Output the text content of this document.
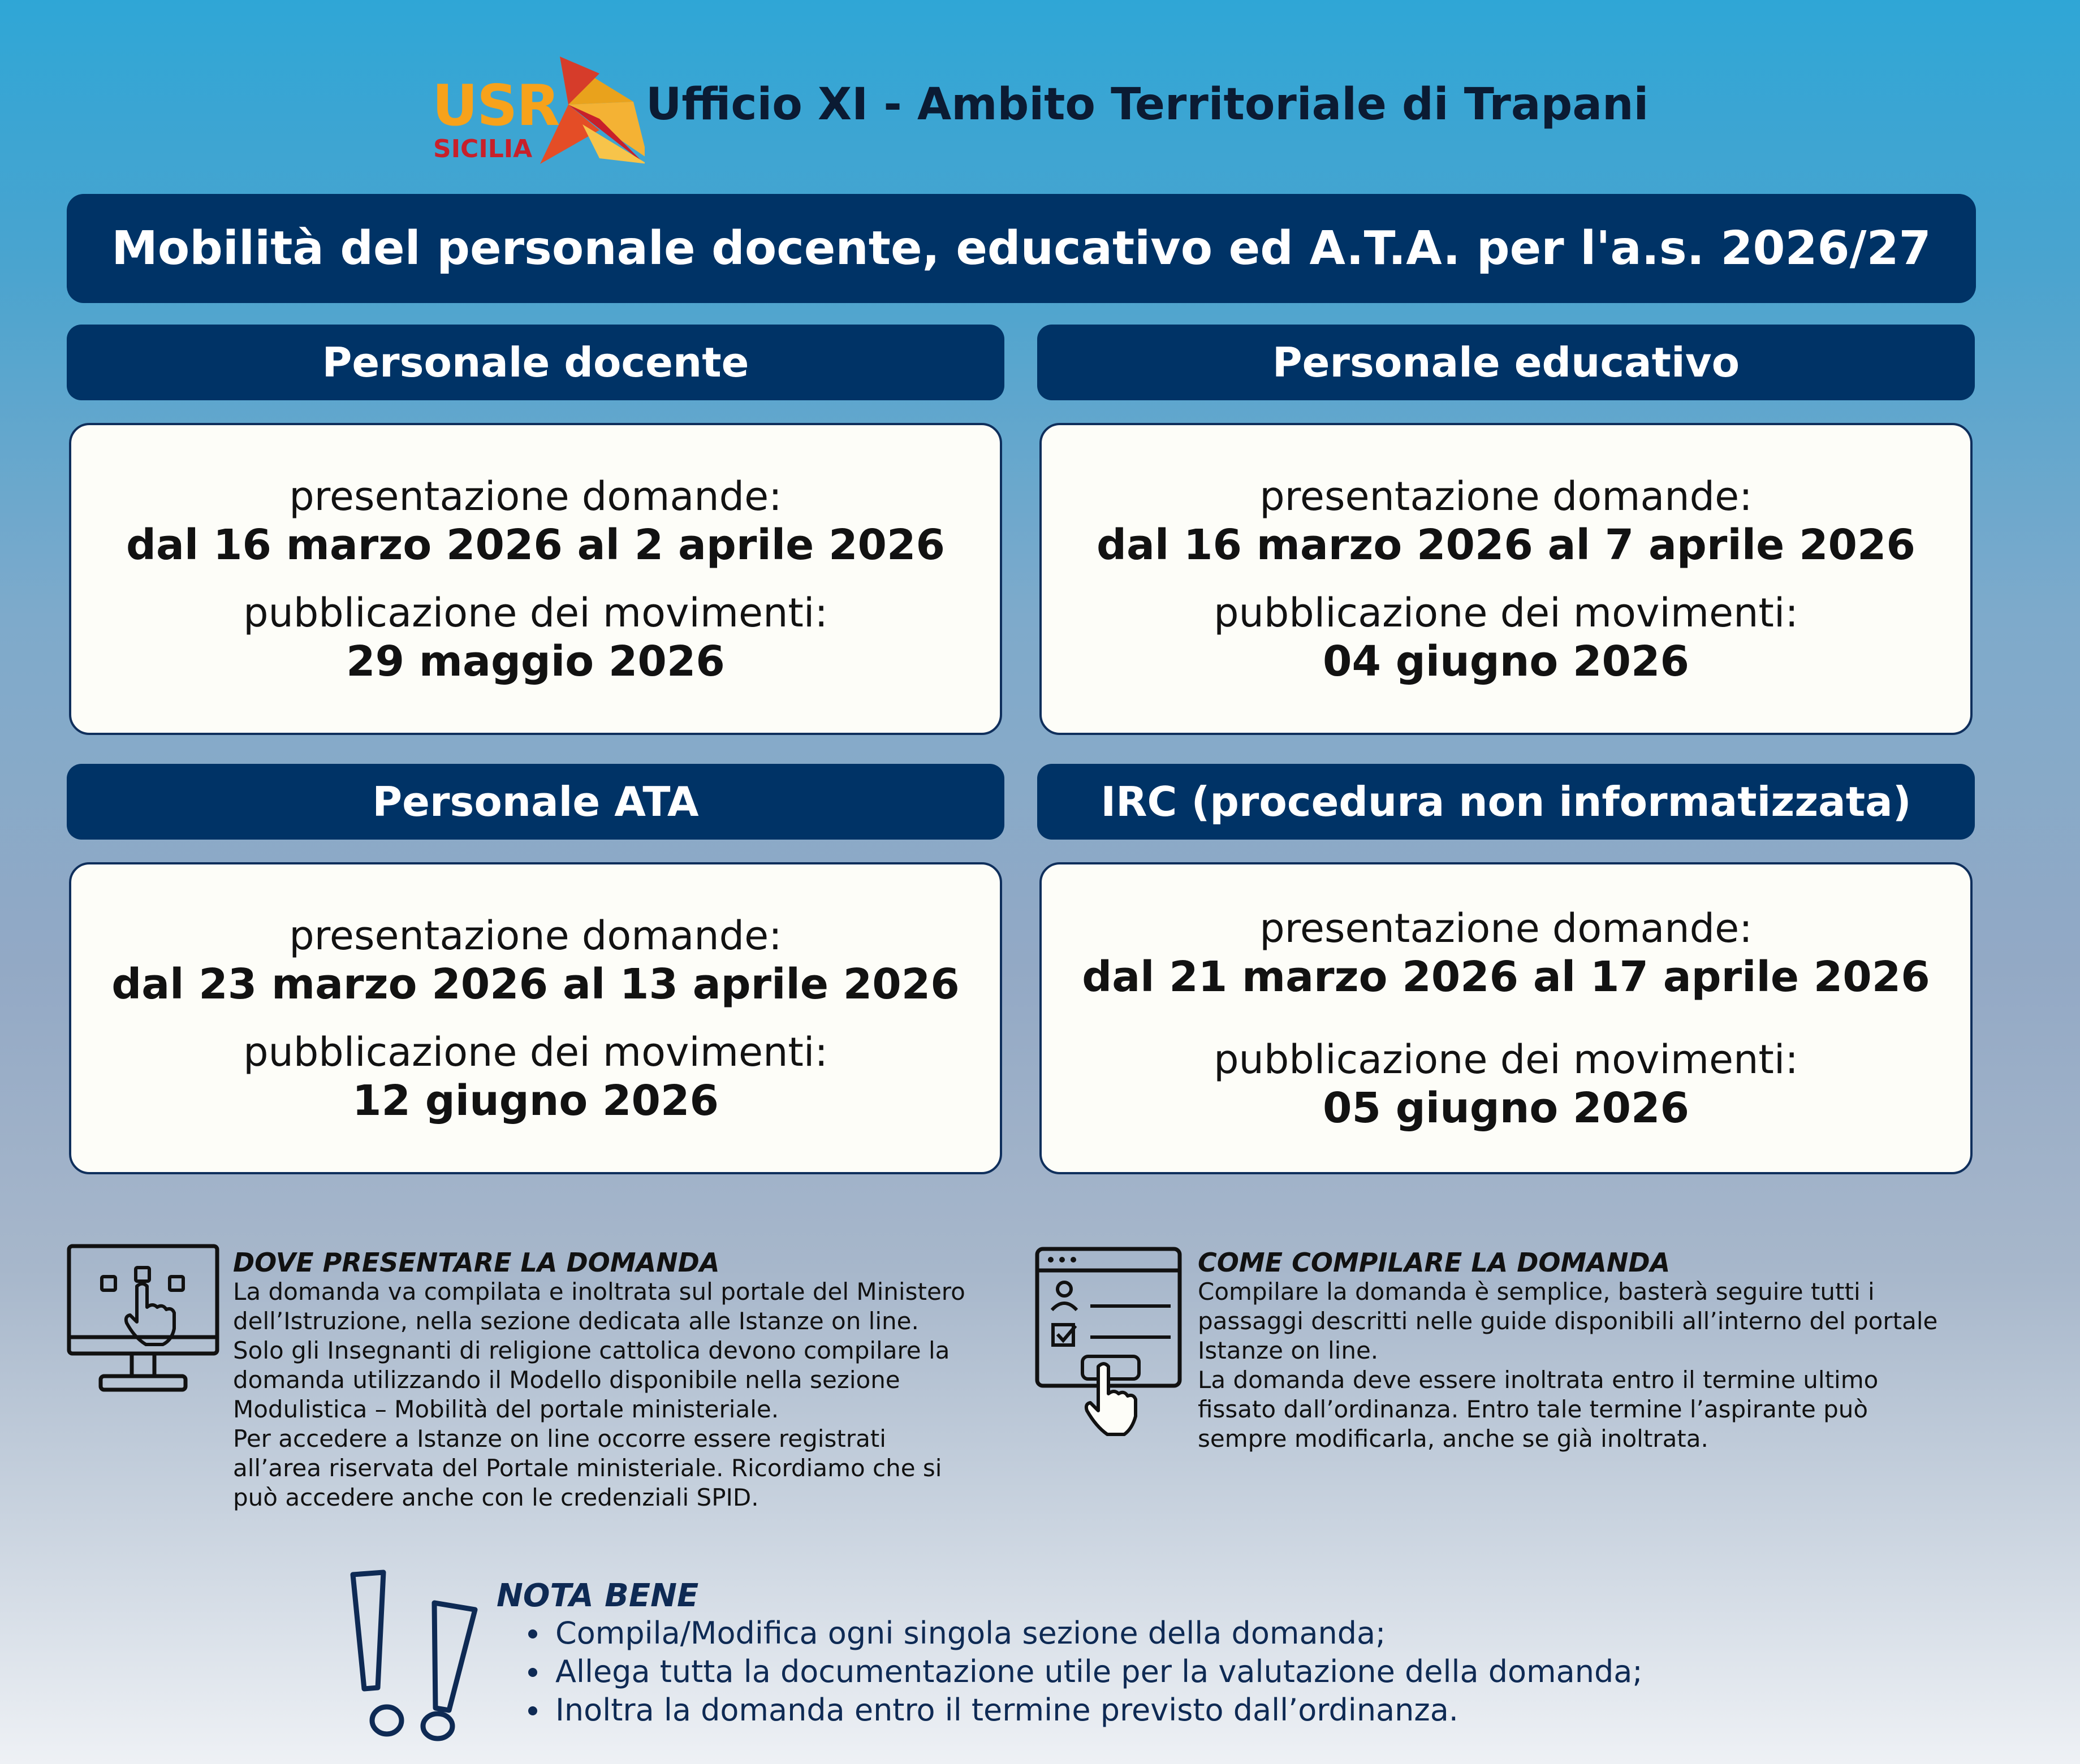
USR
SICILIA
Ufficio XI - Ambito Territoriale di Trapani
Mobilità del personale docente, educativo ed A.T.A. per l'a.s. 2026/27
Personale docente
presentazione domande:
dal 16 marzo 2026 al 2 aprile 2026
pubblicazione dei movimenti:
29 maggio 2026
Personale educativo
presentazione domande:
dal 16 marzo 2026 al 7 aprile 2026
pubblicazione dei movimenti:
04 giugno 2026
Personale ATA
presentazione domande:
dal 23 marzo 2026 al 13 aprile 2026
pubblicazione dei movimenti:
12 giugno 2026
IRC (procedura non informatizzata)
presentazione domande:
dal 21 marzo 2026 al 17 aprile 2026
pubblicazione dei movimenti:
05 giugno 2026
DOVE PRESENTARE LA DOMANDA
La domanda va compilata e inoltrata sul portale del Ministero
dell’Istruzione, nella sezione dedicata alle Istanze on line.
Solo gli Insegnanti di religione cattolica devono compilare la
domanda utilizzando il Modello disponibile nella sezione
Modulistica – Mobilità del portale ministeriale.
Per accedere a Istanze on line occorre essere registrati
all’area riservata del Portale ministeriale. Ricordiamo che si
può accedere anche con le credenziali SPID.
COME COMPILARE LA DOMANDA
Compilare la domanda è semplice, basterà seguire tutti i
passaggi descritti nelle guide disponibili all’interno del portale
Istanze on line.
La domanda deve essere inoltrata entro il termine ultimo
fissato dall’ordinanza. Entro tale termine l’aspirante può
sempre modificarla, anche se già inoltrata.
NOTA BENE
Compila/Modifica ogni singola sezione della domanda;
Allega tutta la documentazione utile per la valutazione della domanda;
Inoltra la domanda entro il termine previsto dall’ordinanza.
